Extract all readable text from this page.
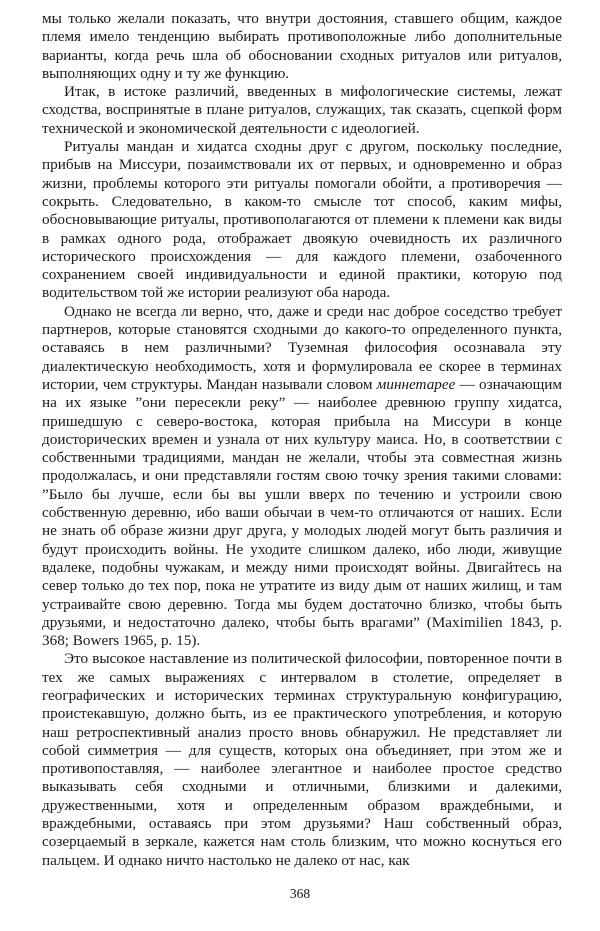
мы только желали показать, что внутри достояния, ставшего общим, каждое племя имело тенденцию выбирать противоположные либо дополнительные варианты, когда речь шла об обосновании сходных ритуалов или ритуалов, выполняющих одну и ту же функцию.

Итак, в истоке различий, введенных в мифологические системы, лежат сходства, воспринятые в плане ритуалов, служащих, так сказать, сцепкой форм технической и экономической деятельности с идеологией.

Ритуалы мандан и хидатса сходны друг с другом, поскольку последние, прибыв на Миссури, позаимствовали их от первых, и одновременно и образ жизни, проблемы которого эти ритуалы помогали обойти, а противоречия — сокрыть. Следовательно, в каком-то смысле тот способ, каким мифы, обосновывающие ритуалы, противополагаются от племени к племени как виды в рамках одного рода, отображает двоякую очевидность их различного исторического происхождения — для каждого племени, озабоченного сохранением своей индивидуальности и единой практики, которую под водительством той же истории реализуют оба народа.

Однако не всегда ли верно, что, даже и среди нас доброе соседство требует партнеров, которые становятся сходными до какого-то определенного пункта, оставаясь в нем различными? Туземная философия осознавала эту диалектическую необходимость, хотя и формулировала ее скорее в терминах истории, чем структуры. Мандан называли словом миннетарее — означающим на их языке ”они пересекли реку” — наиболее древнюю группу хидатса, пришедшую с северо-востока, которая прибыла на Миссури в конце доисторических времен и узнала от них культуру маиса. Но, в соответствии с собственными традициями, мандан не желали, чтобы эта совместная жизнь продолжалась, и они представляли гостям свою точку зрения такими словами: ”Было бы лучше, если бы вы ушли вверх по течению и устроили свою собственную деревню, ибо ваши обычаи в чем-то отличаются от наших. Если не знать об образе жизни друг друга, у молодых людей могут быть различия и будут происходить войны. Не уходите слишком далеко, ибо люди, живущие вдалеке, подобны чужакам, и между ними происходят войны. Двигайтесь на север только до тех пор, пока не утратите из виду дым от наших жилищ, и там устраивайте свою деревню. Тогда мы будем достаточно близко, чтобы быть друзьями, и недостаточно далеко, чтобы быть врагами” (Maximilien 1843, p. 368; Bowers 1965, p. 15).

Это высокое наставление из политической философии, повторенное почти в тех же самых выражениях с интервалом в столетие, определяет в географических и исторических терминах структуральную конфигурацию, проистекавшую, должно быть, из ее практического употребления, и которую наш ретроспективный анализ просто вновь обнаружил. Не представляет ли собой симметрия — для существ, которых она объединяет, при этом же и противопоставляя, — наиболее элегантное и наиболее простое средство выказывать себя сходными и отличными, близкими и далекими, дружественными, хотя и определенным образом враждебными, и враждебными, оставаясь при этом друзьями? Наш собственный образ, созерцаемый в зеркале, кажется нам столь близким, что можно коснуться его пальцем. И однако ничто настолько не далеко от нас, как

368
